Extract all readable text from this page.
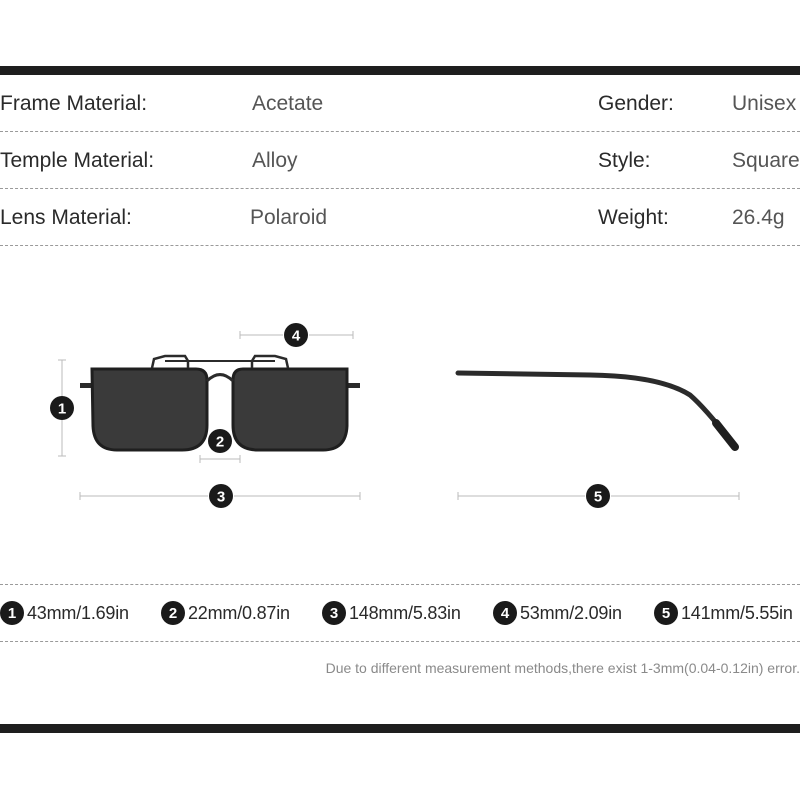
Frame Material:	Acetate	Gender:	Unisex
Temple Material:	Alloy	Style:	Square
Lens Material:	Polaroid	Weight:	26.4g
1
2
3
4
5
1 43mm/1.69in	2 22mm/0.87in	3 148mm/5.83in	4 53mm/2.09in	5 141mm/5.55in
Due to different measurement methods,there exist 1-3mm(0.04-0.12in) error.
